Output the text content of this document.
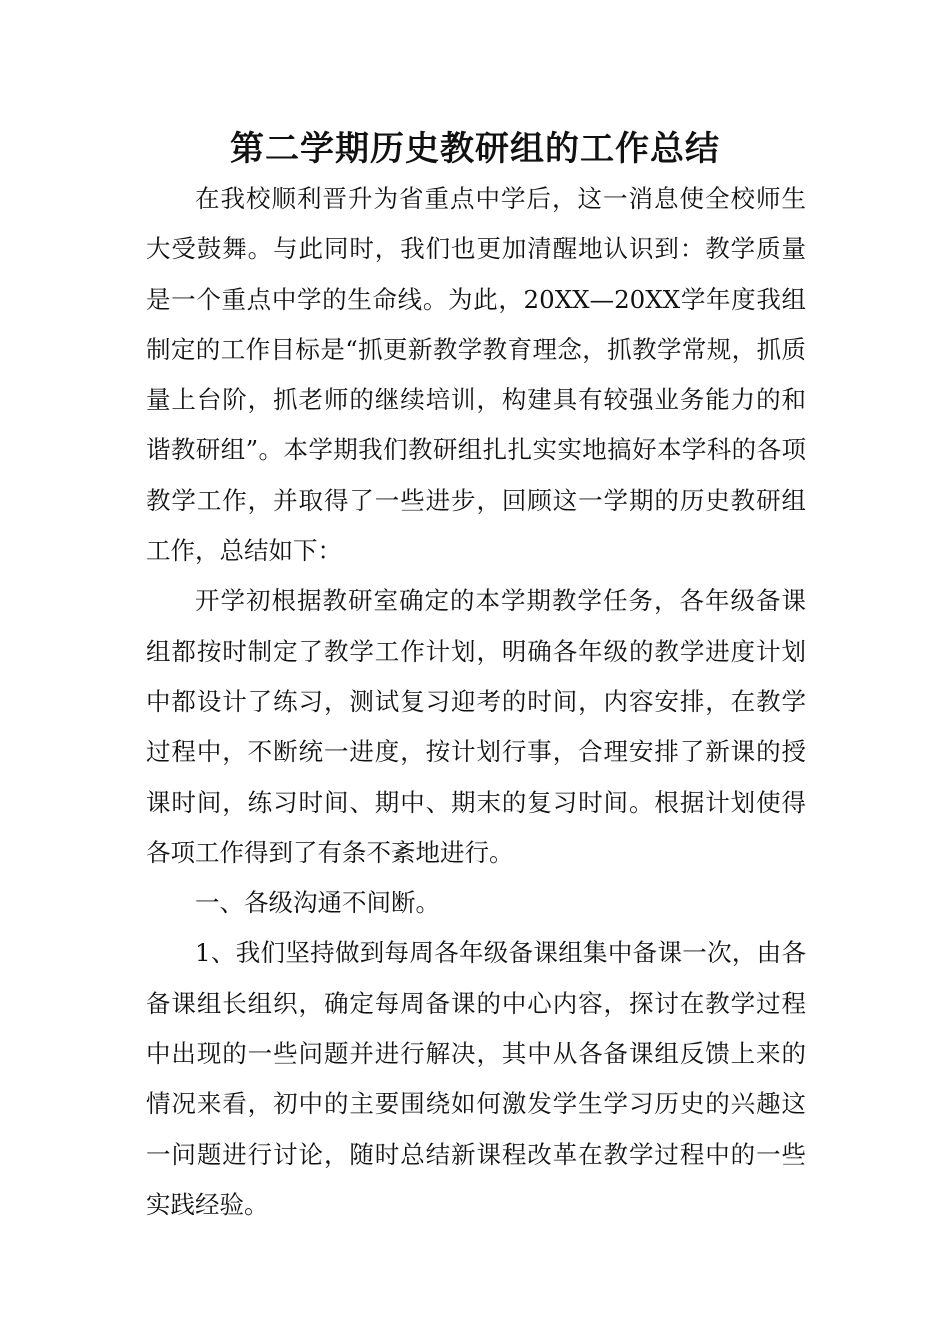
第二学期历史教研组的工作总结

在我校顺利晋升为省重点中学后，这一消息使全校师生大受鼓舞。与此同时，我们也更加清醒地认识到：教学质量是一个重点中学的生命线。为此，20XX—20XX学年度我组制定的工作目标是“抓更新教学教育理念，抓教学常规，抓质量上台阶，抓老师的继续培训，构建具有较强业务能力的和谐教研组”。本学期我们教研组扎扎实实地搞好本学科的各项教学工作，并取得了一些进步，回顾这一学期的历史教研组工作，总结如下：

开学初根据教研室确定的本学期教学任务，各年级备课组都按时制定了教学工作计划，明确各年级的教学进度计划中都设计了练习，测试复习迎考的时间，内容安排，在教学过程中，不断统一进度，按计划行事，合理安排了新课的授课时间，练习时间、期中、期末的复习时间。根据计划使得各项工作得到了有条不紊地进行。

一、各级沟通不间断。

1、我们坚持做到每周各年级备课组集中备课一次，由各备课组长组织，确定每周备课的中心内容，探讨在教学过程中出现的一些问题并进行解决，其中从各备课组反馈上来的情况来看，初中的主要围绕如何激发学生学习历史的兴趣这一问题进行讨论，随时总结新课程改革在教学过程中的一些实践经验。
